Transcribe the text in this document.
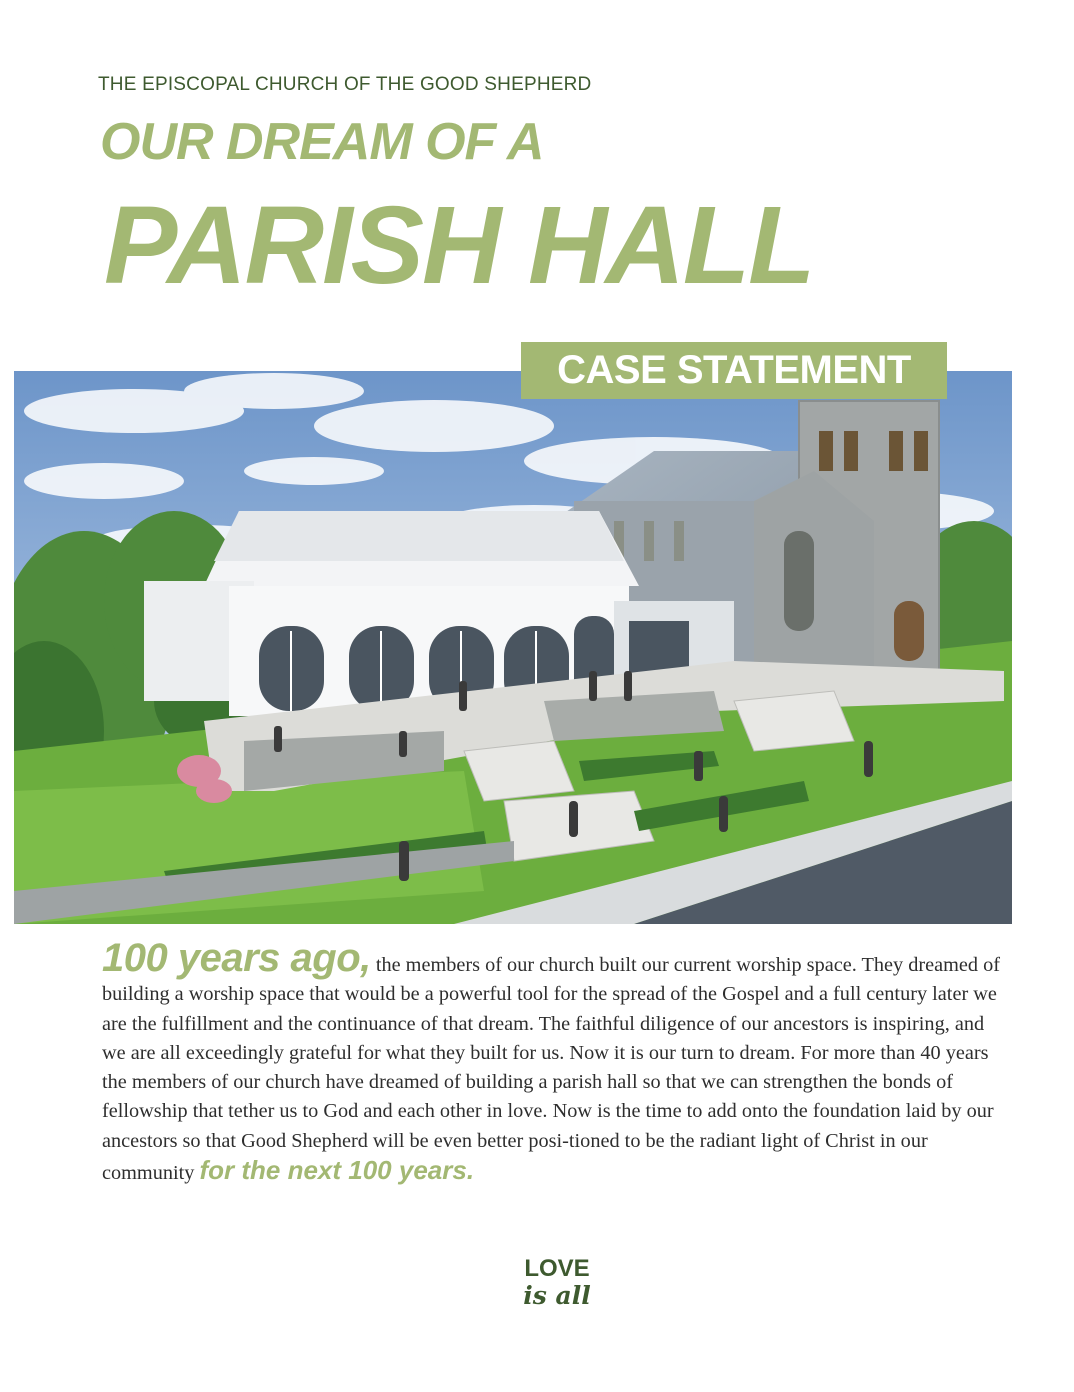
THE EPISCOPAL CHURCH OF THE GOOD SHEPHERD
OUR DREAM OF A
PARISH HALL
CASE STATEMENT
100 years ago, the members of our church built our current worship space. They dreamed of building a worship space that would be a powerful tool for the spread of the Gospel and a full century later we are the fulfillment and the continuance of that dream. The faithful diligence of our ancestors is inspiring, and we are all exceedingly grateful for what they built for us. Now it is our turn to dream. For more than 40 years the members of our church have dreamed of building a parish hall so that we can strengthen the bonds of fellowship that tether us to God and each other in love. Now is the time to add onto the foundation laid by our ancestors so that Good Shepherd will be even better posi-tioned to be the radiant light of Christ in our community for the next 100 years.
LOVE
is all
